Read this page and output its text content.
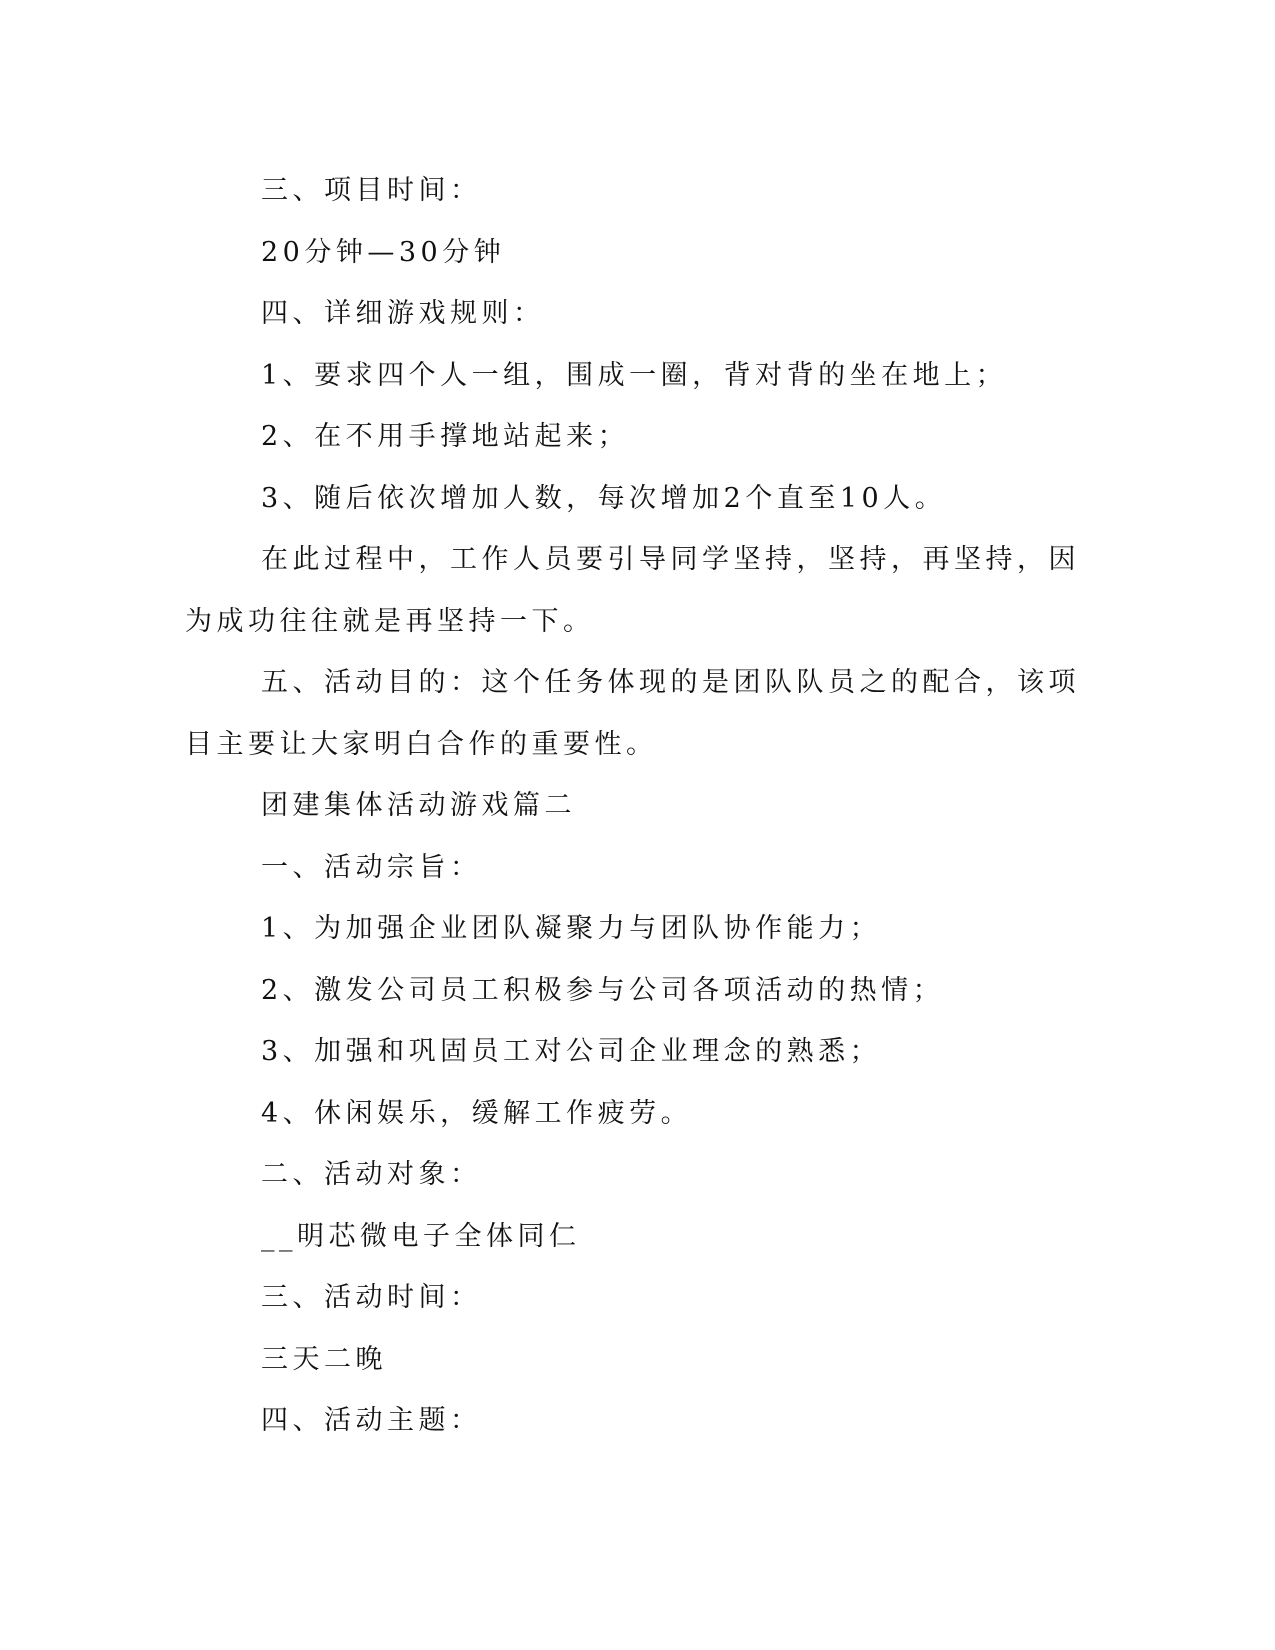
三、项目时间：

20分钟—30分钟

四、详细游戏规则：

1、要求四个人一组，围成一圈，背对背的坐在地上；

2、在不用手撑地站起来；

3、随后依次增加人数，每次增加2个直至10人。

在此过程中，工作人员要引导同学坚持，坚持，再坚持，因为成功往往就是再坚持一下。

五、活动目的：这个任务体现的是团队队员之的配合，该项目主要让大家明白合作的重要性。

团建集体活动游戏篇二

一、活动宗旨：

1、为加强企业团队凝聚力与团队协作能力；

2、激发公司员工积极参与公司各项活动的热情；

3、加强和巩固员工对公司企业理念的熟悉；

4、休闲娱乐，缓解工作疲劳。

二、活动对象：

__明芯微电子全体同仁

三、活动时间：

三天二晚

四、活动主题：
